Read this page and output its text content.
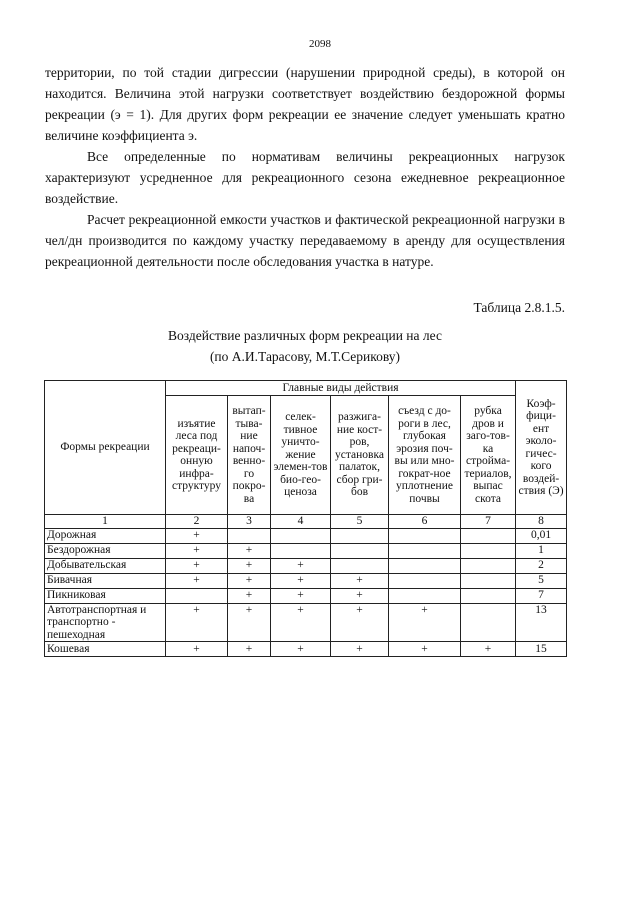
2098

территории, по той стадии дигрессии (нарушении природной среды), в которой он находится. Величина этой нагрузки соответствует воздействию бездорожной формы рекреации (э = 1). Для других форм рекреации ее значение следует уменьшать кратно величине коэффициента э.

Все определенные по нормативам величины рекреационных нагрузок характеризуют усредненное для рекреационного сезона ежедневное рекреационное воздействие.

Расчет рекреационной емкости участков и фактической рекреационной нагрузки в чел/дн производится по каждому участку передаваемому в аренду для осуществления рекреационной деятельности после обследования участка в натуре.

Таблица 2.8.1.5.
Воздействие различных форм рекреации на лес
(по А.И.Тарасову, М.Т.Серикову)
Формы рекреации	Главные виды действия						Коэф-фици-ент эколо-гичес-кого воздей-ствия (Э)
	изъятие леса под рекреаци-онную инфра-структуру	вытап-тыва-ние напоч-венно-го покро-ва	селек-тивное уничто-жение элемен-тов био-гео-ценоза	разжига-ние кост-ров, установка палаток, сбор гри-бов	съезд с до-роги в лес, глубокая эрозия поч-вы или мно-гократ-ное уплотнение почвы	рубка дров и заго-тов-ка стройма-териалов, выпас скота	
1	2	3	4	5	6	7	8
Дорожная	+						0,01
Бездорожная	+	+					1
Добывательская	+	+	+				2
Бивачная	+	+	+	+			5
Пикниковая		+	+	+			7
Автотранспортная и транспортно - пешеходная	+	+	+	+	+		13
Кошевая	+	+	+	+	+	+	15
